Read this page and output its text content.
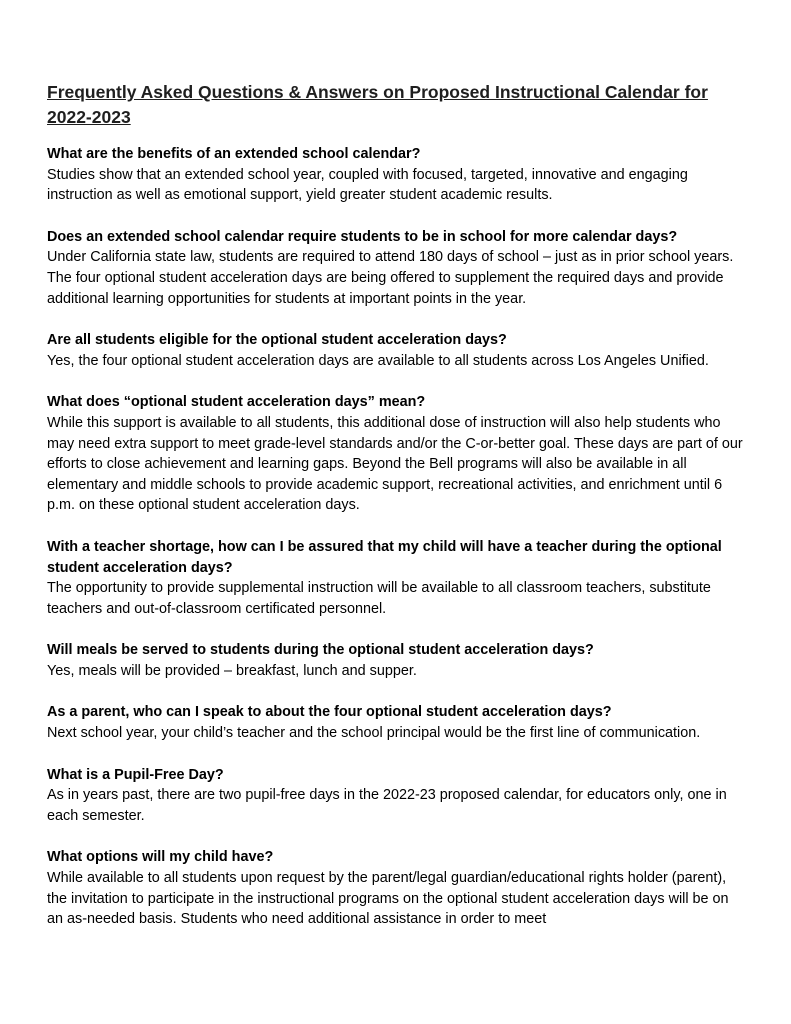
Frequently Asked Questions & Answers on Proposed Instructional Calendar for 2022-2023

What are the benefits of an extended school calendar?

Studies show that an extended school year, coupled with focused, targeted, innovative and engaging instruction as well as emotional support, yield greater student academic results.

Does an extended school calendar require students to be in school for more calendar days?

Under California state law, students are required to attend 180 days of school – just as in prior school years. The four optional student acceleration days are being offered to supplement the required days and provide additional learning opportunities for students at important points in the year.

Are all students eligible for the optional student acceleration days?

Yes, the four optional student acceleration days are available to all students across Los Angeles Unified.

What does “optional student acceleration days” mean?

While this support is available to all students, this additional dose of instruction will also help students who may need extra support to meet grade-level standards and/or the C-or-better goal. These days are part of our efforts to close achievement and learning gaps. Beyond the Bell programs will also be available in all elementary and middle schools to provide academic support, recreational activities, and enrichment until 6 p.m. on these optional student acceleration days.

With a teacher shortage, how can I be assured that my child will have a teacher during the optional student acceleration days?

The opportunity to provide supplemental instruction will be available to all classroom teachers, substitute teachers and out-of-classroom certificated personnel.

Will meals be served to students during the optional student acceleration days?

Yes, meals will be provided – breakfast, lunch and supper.

As a parent, who can I speak to about the four optional student acceleration days?

Next school year, your child’s teacher and the school principal would be the first line of communication.

What is a Pupil-Free Day?

As in years past, there are two pupil-free days in the 2022-23 proposed calendar, for educators only, one in each semester.

What options will my child have?

While available to all students upon request by the parent/legal guardian/educational rights holder (parent), the invitation to participate in the instructional programs on the optional student acceleration days will be on an as-needed basis. Students who need additional assistance in order to meet
